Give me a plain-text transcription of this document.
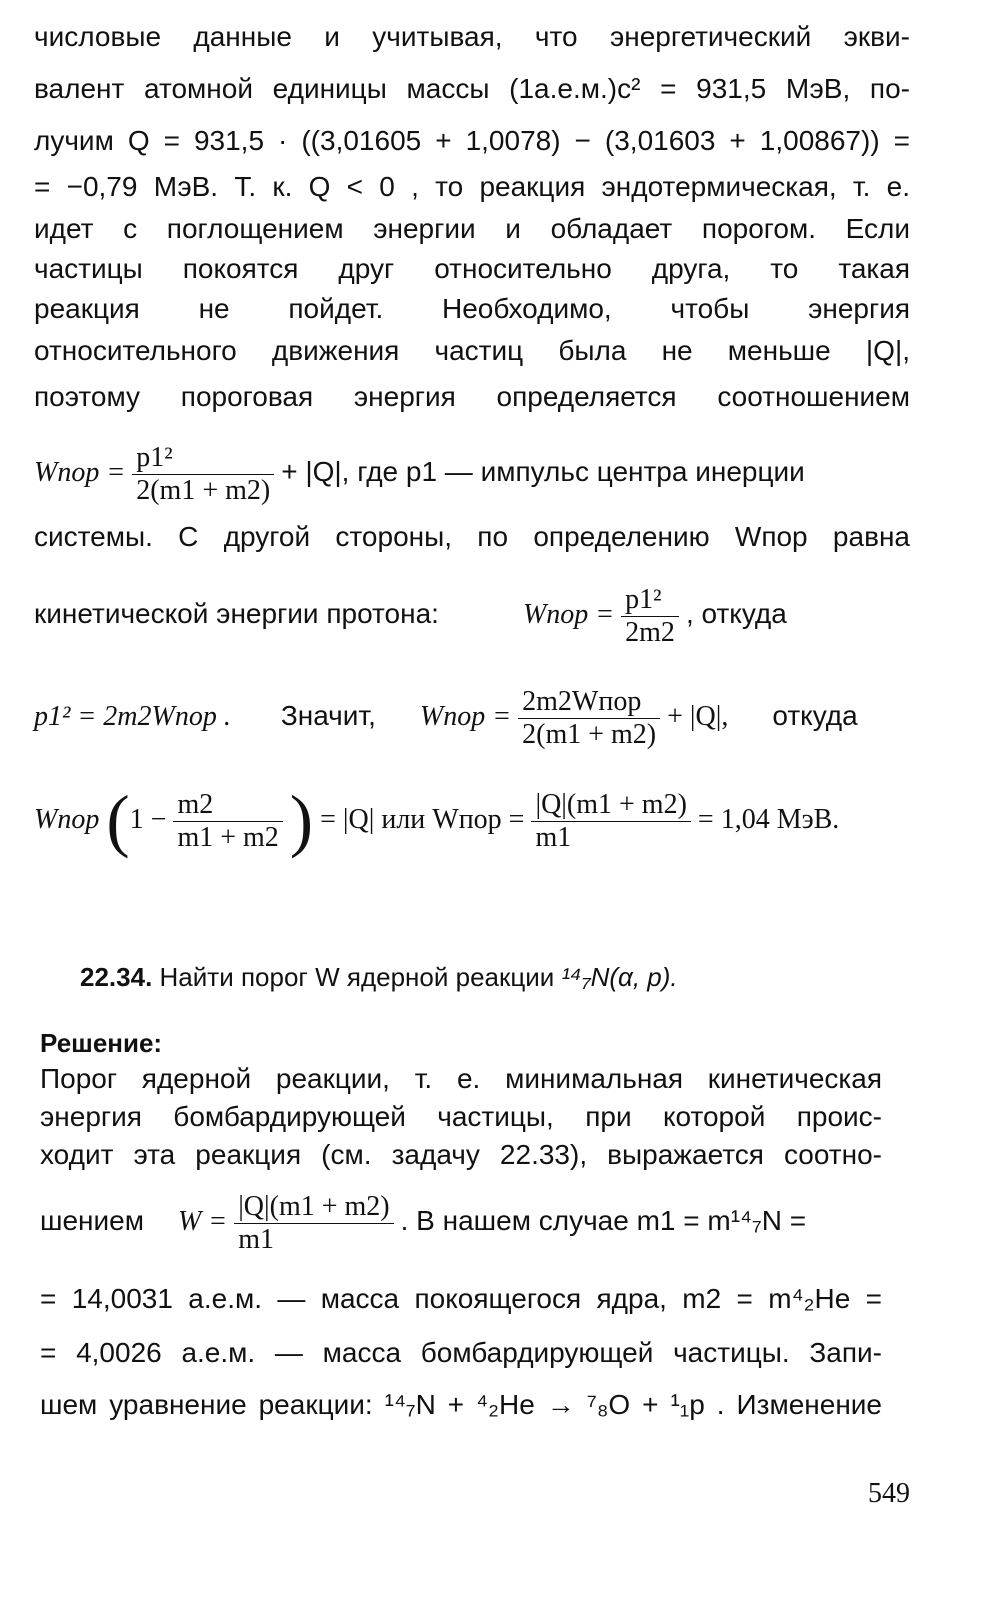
числовые данные и учитывая, что энергетический экви-
валент атомной единицы массы (1а.е.м.)c² = 931,5 МэВ, по-
лучим Q = 931,5 · ((3,01605 + 1,0078) − (3,01603 + 1,00867)) =
= −0,79 МэВ. Т. к. Q < 0 , то реакция эндотермическая, т. е.
идет с поглощением энергии и обладает порогом. Если
частицы покоятся друг относительно друга, то такая
реакция не пойдет. Необходимо, чтобы энергия
относительного движения частиц была не меньше |Q|,
поэтому пороговая энергия определяется соотношением
Wпор = $\frac{\text{p1²}}{2(m1 + m2)} + |Q|$, где p1 — импульс центра инерции
системы. С другой стороны, по определению Wпор равна
кинетической энергии протона:	Wпор = $\frac{\text{p1²}}{2m2}$ , откуда
p1² = 2m2Wпор . Значит, Wпор = $\frac{\text{2m2Wпор}}{2(m1 + m2)} + |Q|$, откуда
Wпор ($1 - \frac{m2}{m1 + m2}$ ) = |Q| или Wпор = $\frac{|Q|(m1 + m2)}{m1} = 1,04$ МэВ.
22.34. Найти порог W ядерной реакции ¹⁴₇N(α, p).
Решение:
Порог ядерной реакции, т. е. минимальная кинетическая
энергия бомбардирующей частицы, при которой проис-
ходит эта реакция (см. задачу 22.33), выражается соотно-
шением $W = \frac{|Q|(m1 + m2)}{m1}$ . В нашем случае m1 = m¹⁴₇N =
= 14,0031 а.е.м. — масса покоящегося ядра, m2 = m⁴₂He =
= 4,0026 а.е.м. — масса бомбардирующей частицы. Запи-
шем уравнение реакции: ¹⁴₇N + ⁴₂He → ⁷₈O + ¹₁p . Изменение
549
